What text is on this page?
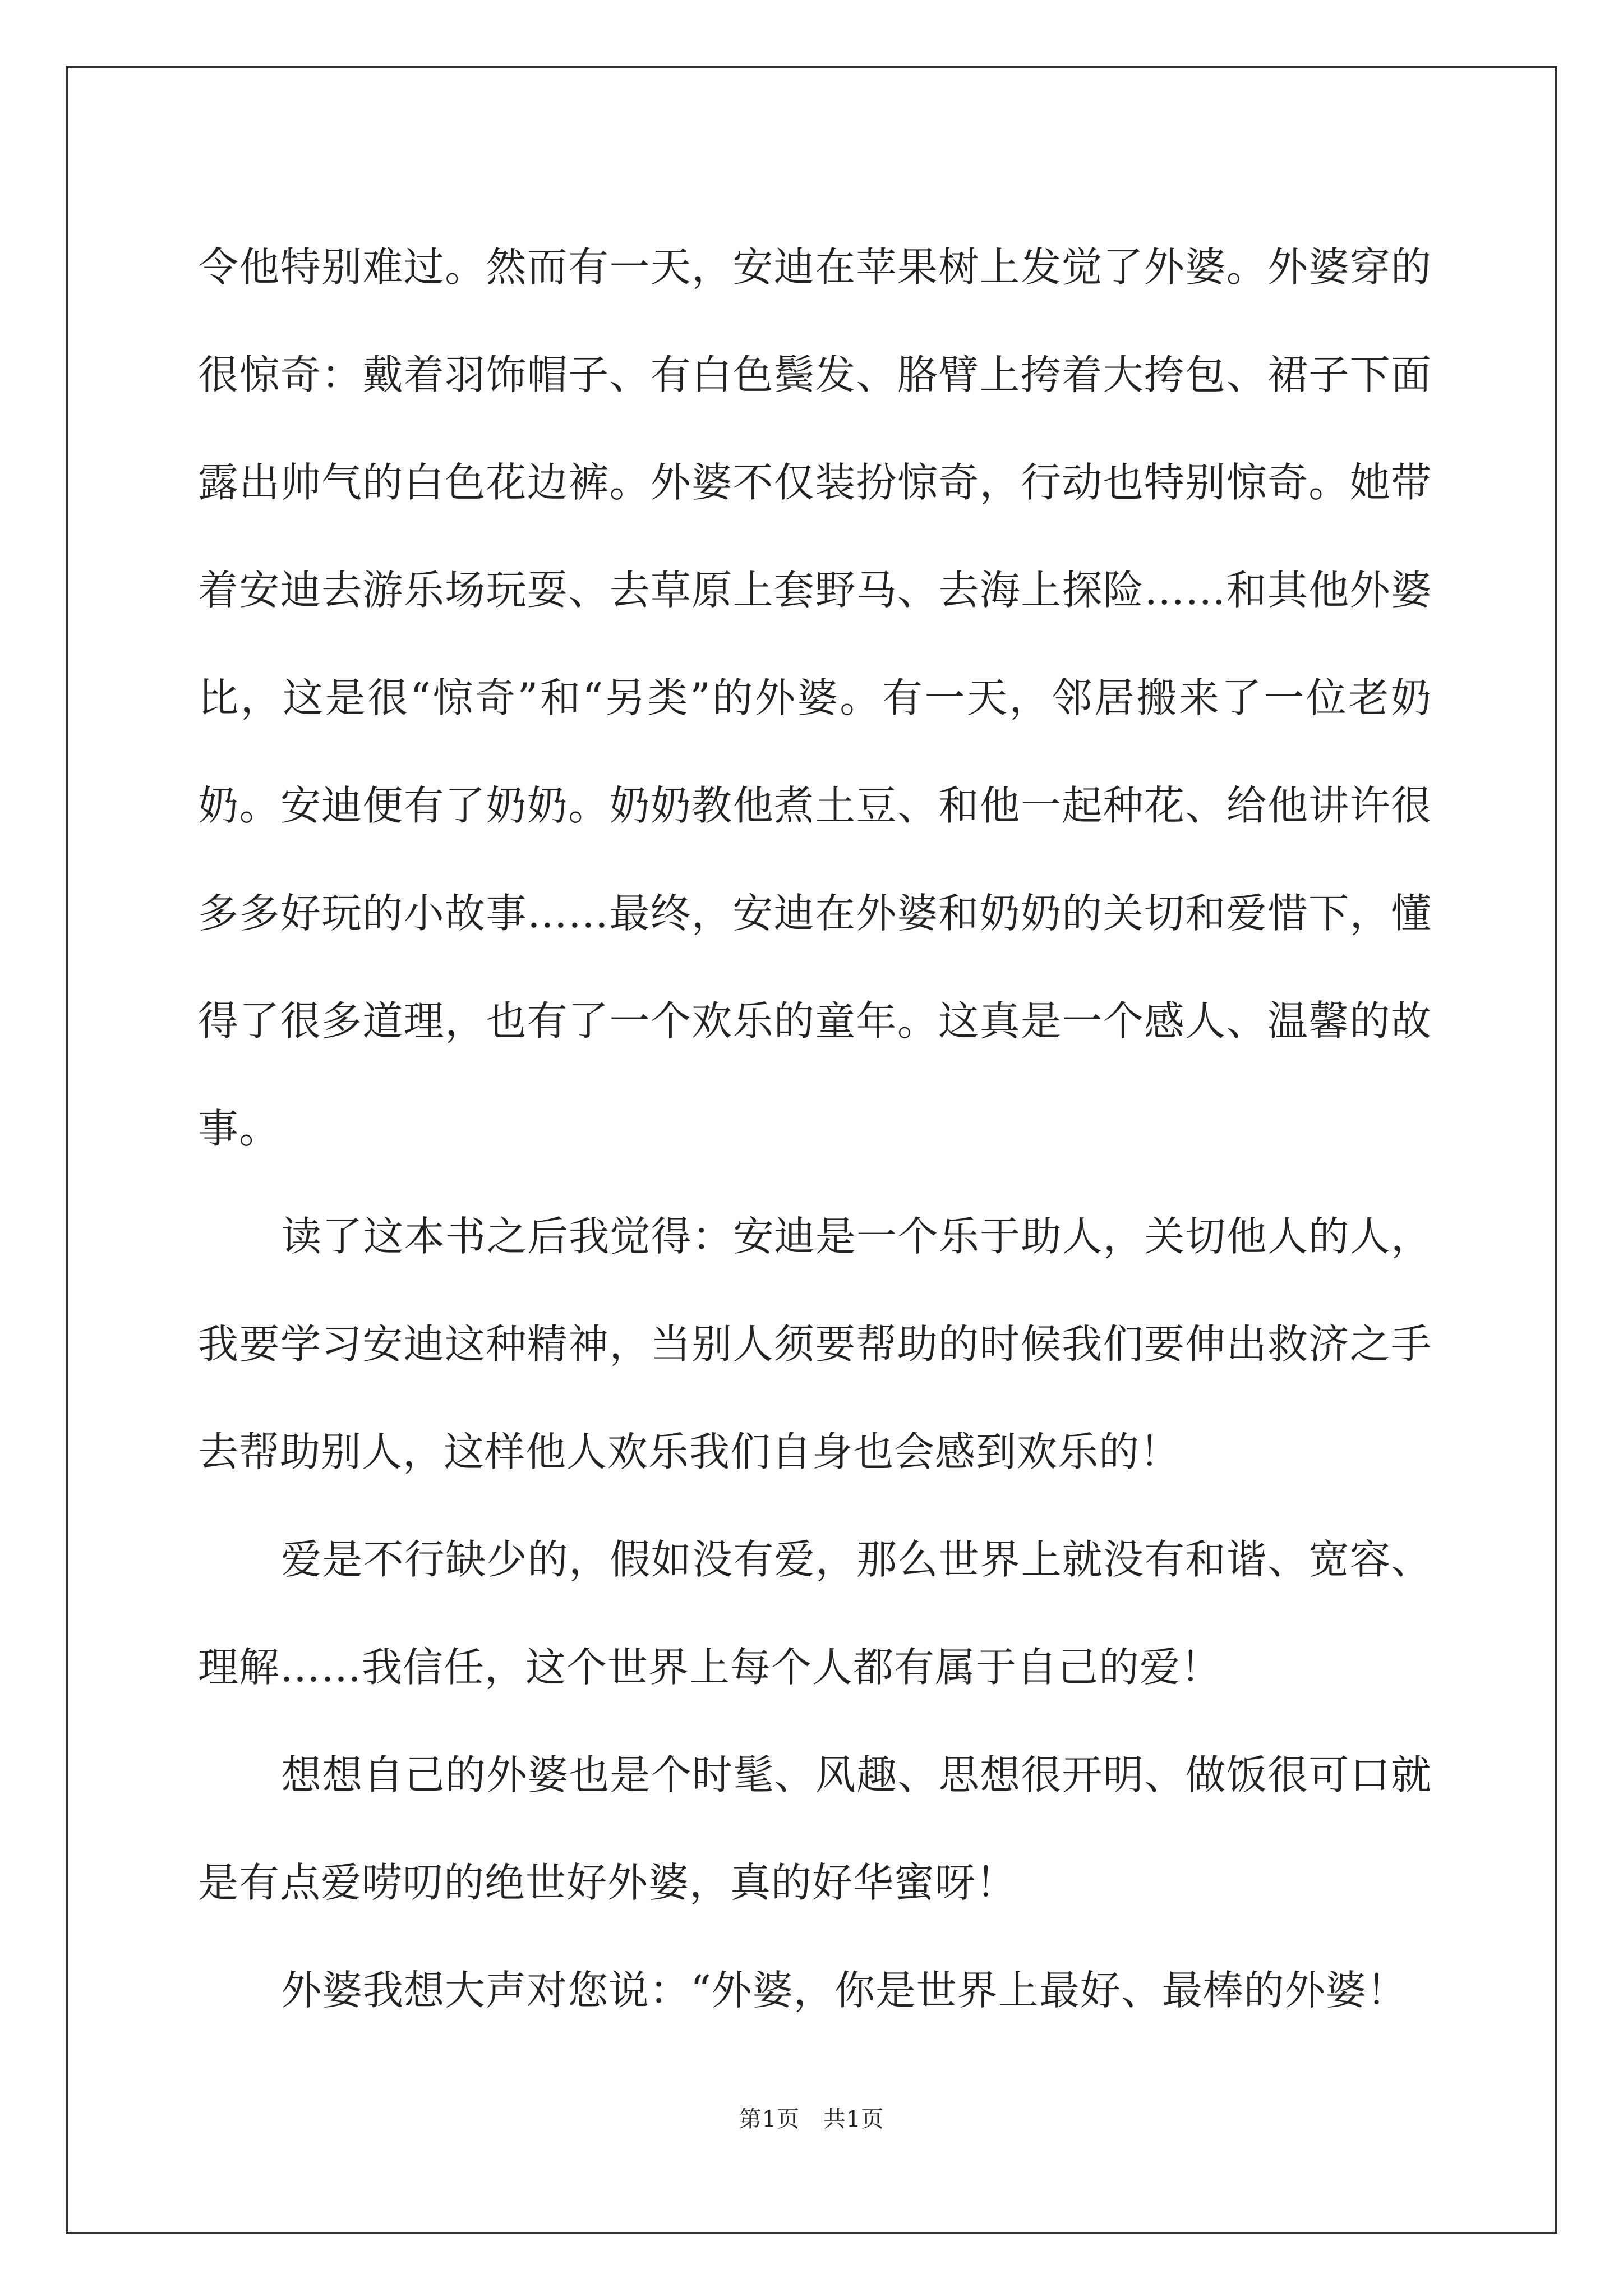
令他特别难过。然而有一天，安迪在苹果树上发觉了外婆。外婆穿的很惊奇：戴着羽饰帽子、有白色鬓发、胳臂上挎着大挎包、裙子下面露出帅气的白色花边裤。外婆不仅装扮惊奇，行动也特别惊奇。她带着安迪去游乐场玩耍、去草原上套野马、去海上探险……和其他外婆比，这是很“惊奇”和“另类”的外婆。有一天，邻居搬来了一位老奶奶。安迪便有了奶奶。奶奶教他煮土豆、和他一起种花、给他讲许很多多好玩的小故事……最终，安迪在外婆和奶奶的关切和爱惜下，懂得了很多道理，也有了一个欢乐的童年。这真是一个感人、温馨的故事。

读了这本书之后我觉得：安迪是一个乐于助人，关切他人的人，我要学习安迪这种精神，当别人须要帮助的时候我们要伸出救济之手去帮助别人，这样他人欢乐我们自身也会感到欢乐的！

爱是不行缺少的，假如没有爱，那么世界上就没有和谐、宽容、理解……我信任，这个世界上每个人都有属于自己的爱！

想想自己的外婆也是个时髦、风趣、思想很开明、做饭很可口就是有点爱唠叨的绝世好外婆，真的好华蜜呀！

外婆我想大声对您说：“外婆，你是世界上最好、最棒的外婆！

第1页 共1页
